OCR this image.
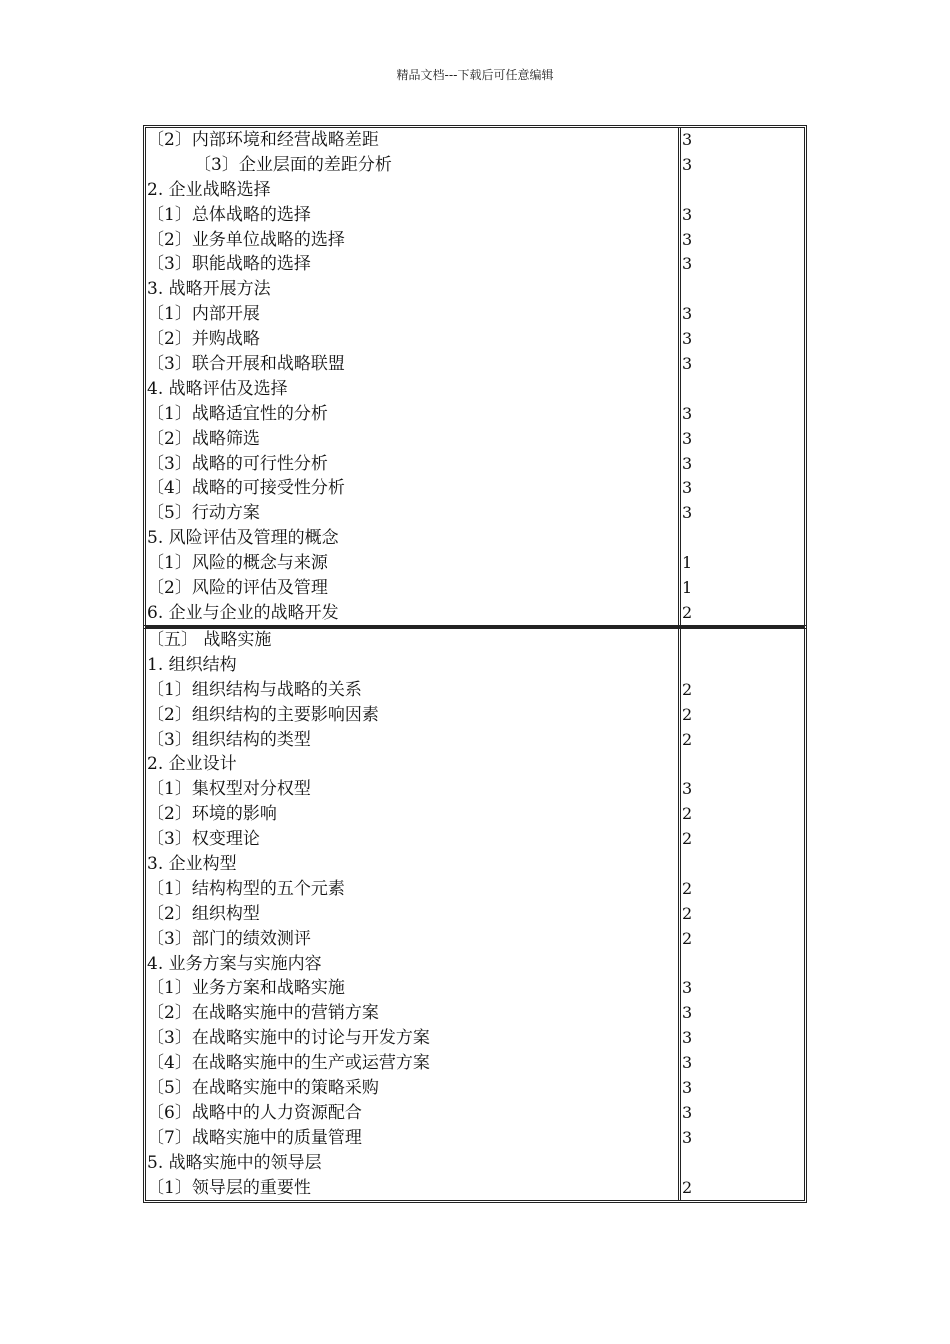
精品文档---下载后可任意编辑
〔2〕内部环境和经营战略差距	3
〔3〕企业层面的差距分析	3
2. 企业战略选择
〔1〕总体战略的选择	3
〔2〕业务单位战略的选择	3
〔3〕职能战略的选择	3
3. 战略开展方法
〔1〕内部开展	3
〔2〕并购战略	3
〔3〕联合开展和战略联盟	3
4. 战略评估及选择
〔1〕战略适宜性的分析	3
〔2〕战略筛选	3
〔3〕战略的可行性分析	3
〔4〕战略的可接受性分析	3
〔5〕行动方案	3
5. 风险评估及管理的概念
〔1〕风险的概念与来源	1
〔2〕风险的评估及管理	1
6. 企业与企业的战略开发	2
〔五〕 战略实施
1. 组织结构
〔1〕组织结构与战略的关系	2
〔2〕组织结构的主要影响因素	2
〔3〕组织结构的类型	2
2. 企业设计
〔1〕集权型对分权型	3
〔2〕环境的影响	2
〔3〕权变理论	2
3. 企业构型
〔1〕结构构型的五个元素	2
〔2〕组织构型	2
〔3〕部门的绩效测评	2
4. 业务方案与实施内容
〔1〕业务方案和战略实施	3
〔2〕在战略实施中的营销方案	3
〔3〕在战略实施中的讨论与开发方案	3
〔4〕在战略实施中的生产或运营方案	3
〔5〕在战略实施中的策略采购	3
〔6〕战略中的人力资源配合	3
〔7〕战略实施中的质量管理	3
5. 战略实施中的领导层
〔1〕领导层的重要性	2
